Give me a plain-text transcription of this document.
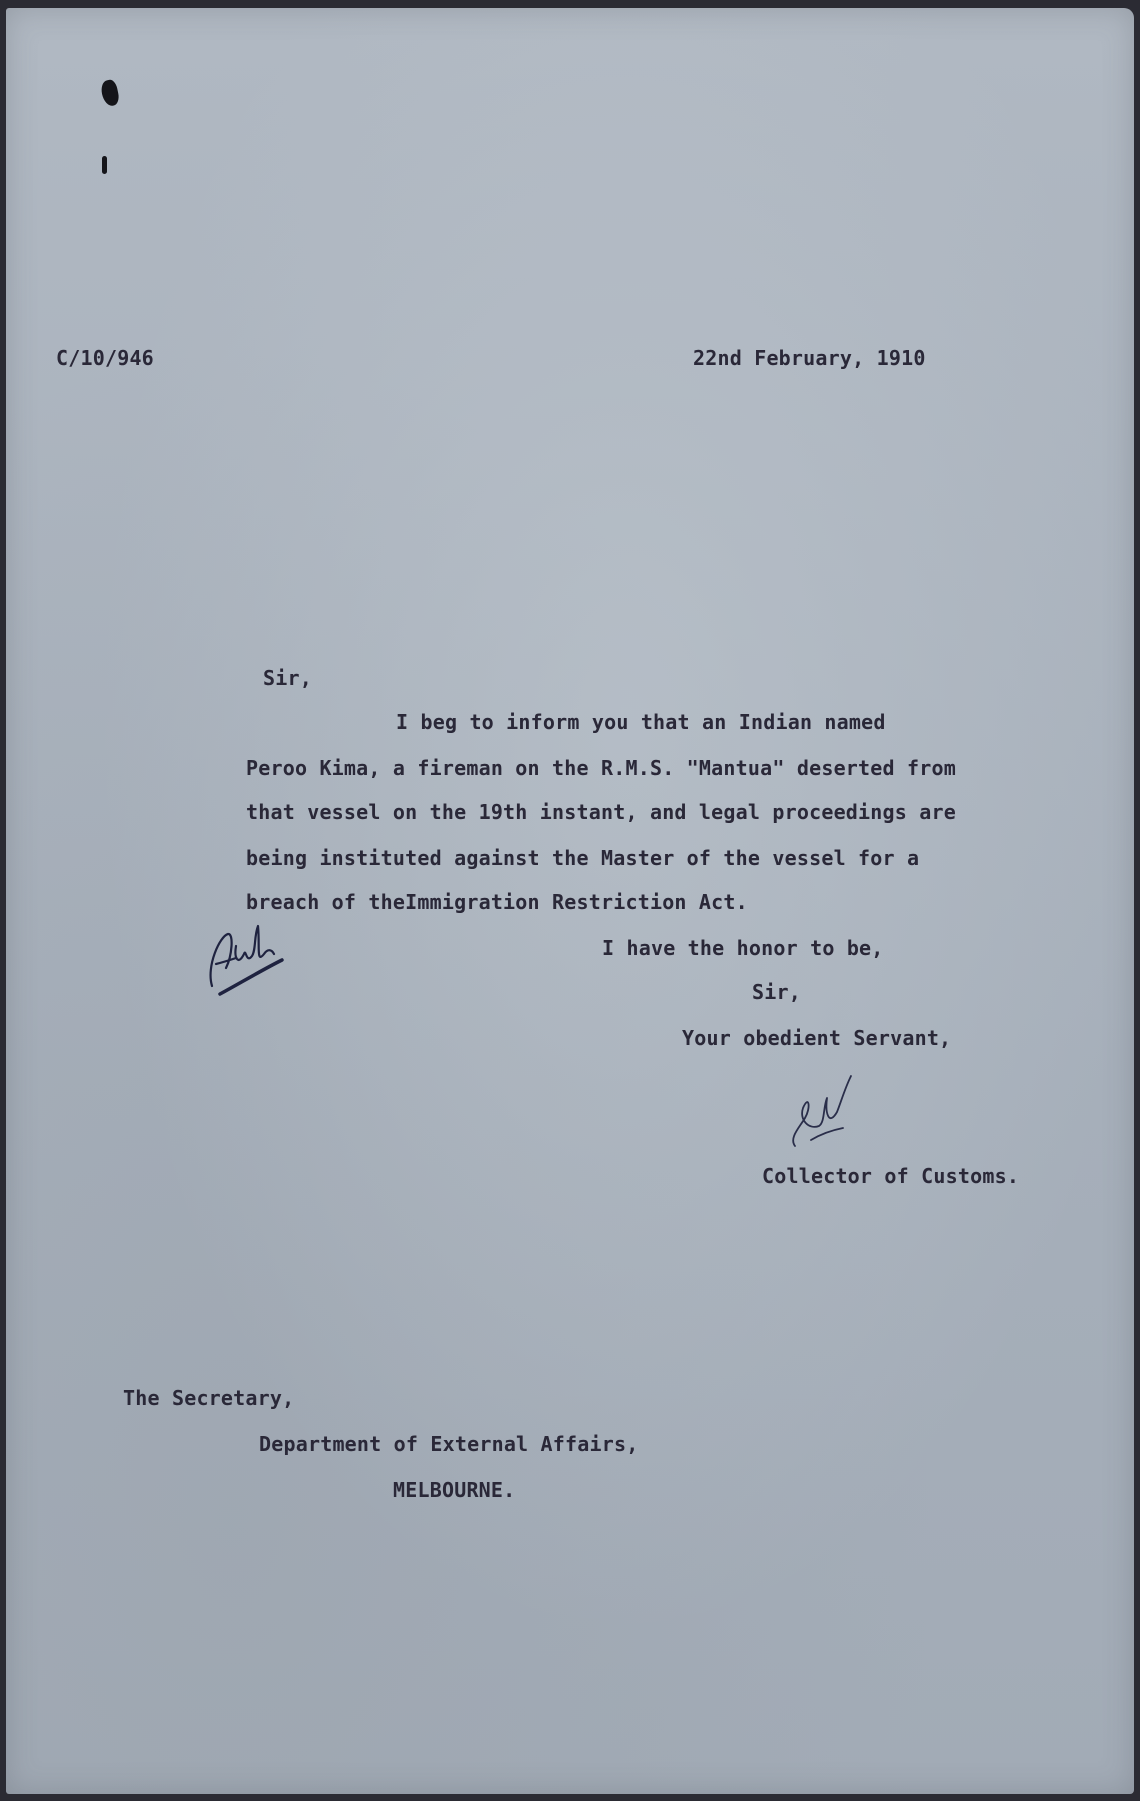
C/10/946	22nd February, 1910
Sir,
I beg to inform you that an Indian named
Peroo Kima, a fireman on the R.M.S. "Mantua" deserted from
that vessel on the 19th instant, and legal proceedings are
being instituted against the Master of the vessel for a
breach of theImmigration Restriction Act.
I have the honor to be,
Sir,
Your obedient Servant,
Collector of Customs.
The Secretary,
Department of External Affairs,
MELBOURNE.
